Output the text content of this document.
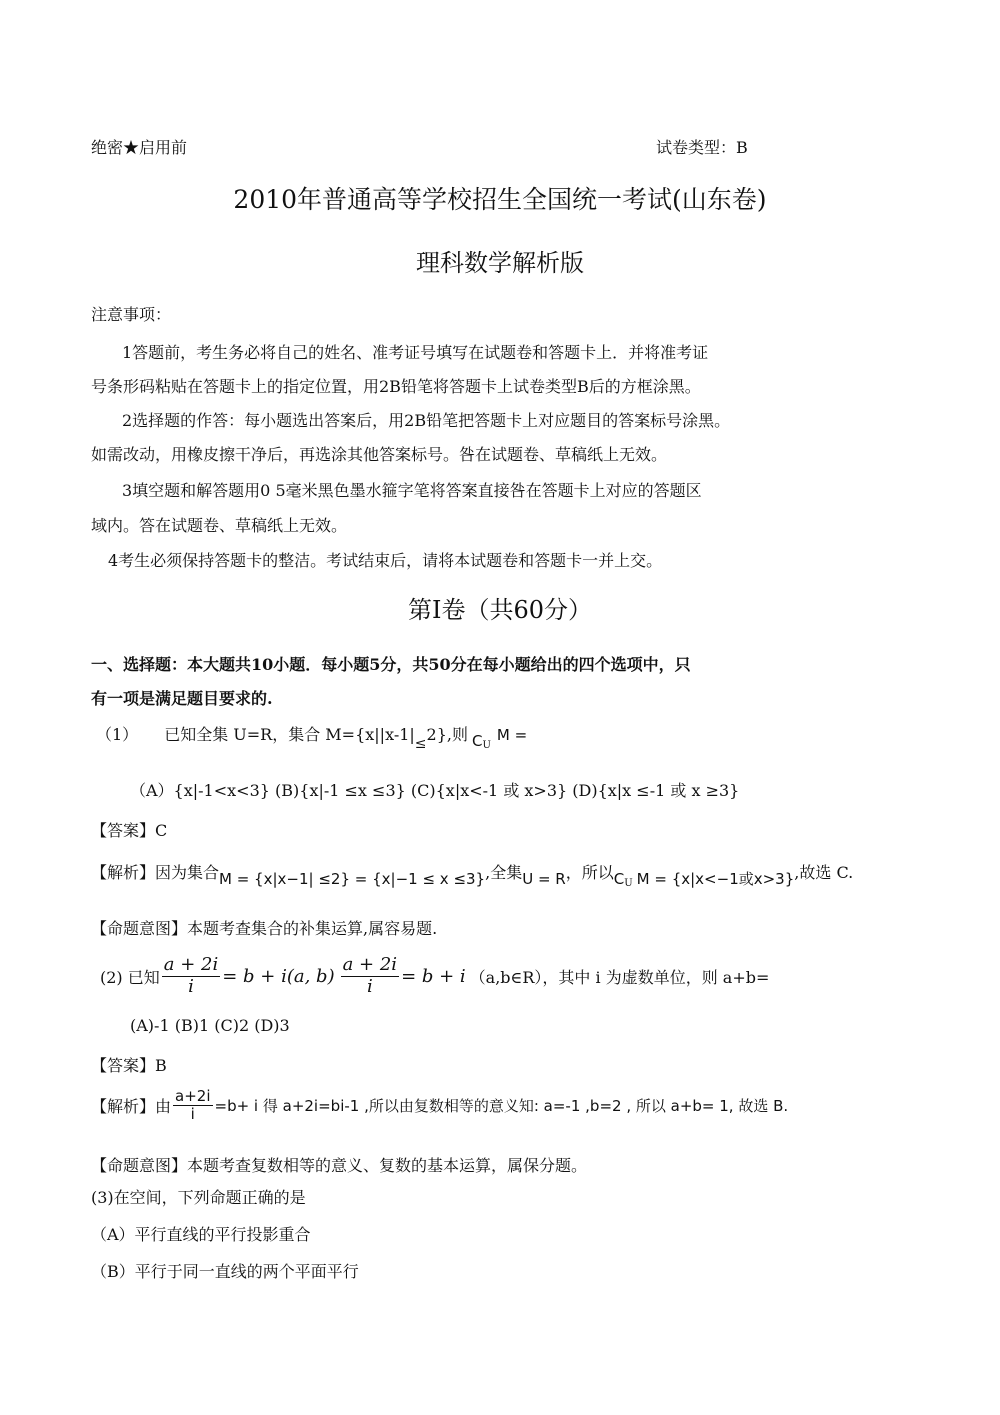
绝密★启用前	试卷类型：B
2010年普通高等学校招生全国统一考试(山东卷)
理科数学解析版
注意事项：
1答题前，考生务必将自己的姓名、准考证号填写在试题卷和答题卡上．并将准考证
号条形码粘贴在答题卡上的指定位置，用2B铅笔将答题卡上试卷类型B后的方框涂黑。
2选择题的作答：每小题选出答案后，用2B铅笔把答题卡上对应题目的答案标号涂黑。
如需改动，用橡皮擦干净后，再选涂其他答案标号。咎在试题卷、草稿纸上无效。
3填空题和解答题用0 5毫米黑色墨水箍字笔将答案直接咎在答题卡上对应的答题区
域内。答在试题卷、草稿纸上无效。
4考生必须保持答题卡的整洁。考试结束后，请将本试题卷和答题卡一并上交。
第Ⅰ卷（共60分）
一、选择题：本大题共10小题．每小题5分，共50分在每小题给出的四个选项中，只
有一项是满足题目要求的.
（1） 已知全集 U=R，集合 M={x||x-1|≤2},则 $C_UM$ =
（A）{x|-1<x<3} (B){x|-1 ≤x ≤3} (C){x|x<-1 或 x>3} (D){x|x ≤-1 或 x ≥3}
【答案】C
【解析】因为集合M = {x|x−1| ≤2} = {x|−1 ≤ x ≤3},全集U = R，所以$C_U$ M = {x|x<−1或x>3},故选 C.
【命题意图】本题考查集合的补集运算,属容易题.
(2) 已知 $\frac{a + 2i}{i} = b + i(a$, $b) \frac{a + 2i}{i} = b + i$ （a,b∈R），其中 i 为虚数单位，则 a+b=
(A)-1 (B)1 (C)2 (D)3
【答案】B
【解析】由 $\frac{a+2i}{i} =b+ i$ 得 a+2i=bi-1 ,所以由复数相等的意义知: a=-1 ,b=2 , 所以 a+b= 1, 故选 B.
【命题意图】本题考查复数相等的意义、复数的基本运算，属保分题。
(3)在空间，下列命题正确的是
（A）平行直线的平行投影重合
（B）平行于同一直线的两个平面平行
